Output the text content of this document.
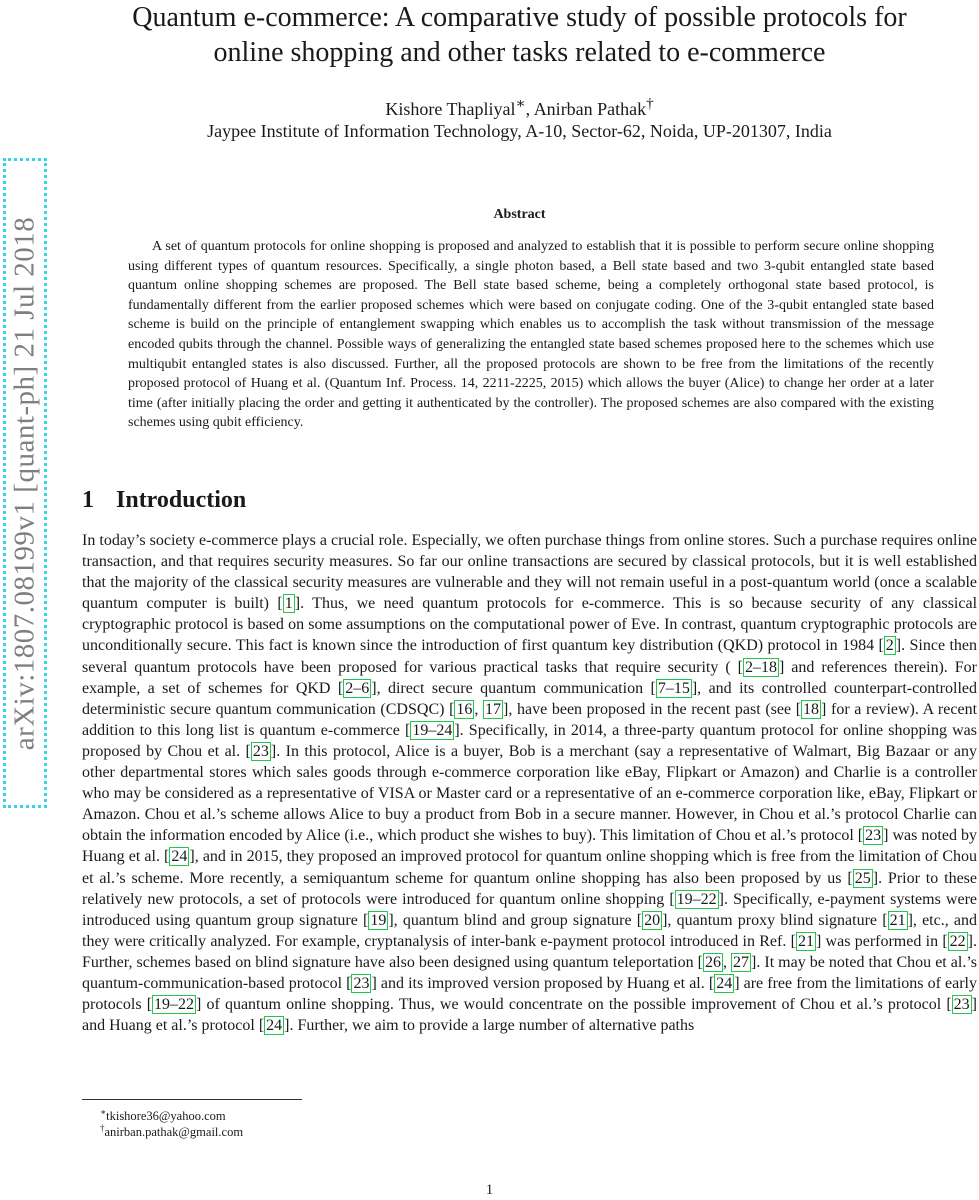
arXiv:1807.08199v1 [quant-ph] 21 Jul 2018
Quantum e-commerce: A comparative study of possible protocols for
online shopping and other tasks related to e-commerce
Kishore Thapliyal∗, Anirban Pathak†
Jaypee Institute of Information Technology, A-10, Sector-62, Noida, UP-201307, India
Abstract

A set of quantum protocols for online shopping is proposed and analyzed to establish that it is possible to perform secure online shopping using different types of quantum resources. Specifically, a single photon based, a Bell state based and two 3-qubit entangled state based quantum online shopping schemes are proposed. The Bell state based scheme, being a completely orthogonal state based protocol, is fundamentally different from the earlier proposed schemes which were based on conjugate coding. One of the 3-qubit entangled state based scheme is build on the principle of entanglement swapping which enables us to accomplish the task without transmission of the message encoded qubits through the channel. Possible ways of generalizing the entangled state based schemes proposed here to the schemes which use multiqubit entangled states is also discussed. Further, all the proposed protocols are shown to be free from the limitations of the recently proposed protocol of Huang et al. (Quantum Inf. Process. 14, 2211-2225, 2015) which allows the buyer (Alice) to change her order at a later time (after initially placing the order and getting it authenticated by the controller). The proposed schemes are also compared with the existing schemes using qubit efficiency.

1 Introduction

In today’s society e-commerce plays a crucial role. Especially, we often purchase things from online stores. Such a purchase requires online transaction, and that requires security measures. So far our online transactions are secured by classical protocols, but it is well established that the majority of the classical security measures are vulnerable and they will not remain useful in a post-quantum world (once a scalable quantum computer is built) [ 1 ]. Thus, we need quantum protocols for e-commerce. This is so because security of any classical cryptographic protocol is based on some assumptions on the computational power of Eve. In contrast, quantum cryptographic protocols are unconditionally secure. This fact is known since the introduction of first quantum key distribution (QKD) protocol in 1984 [ 2 ]. Since then several quantum protocols have been proposed for various practical tasks that require security ( [ 2–18 ] and references therein). For example, a set of schemes for QKD [ 2–6 ], direct secure quantum communication [ 7–15 ], and its controlled counterpart-controlled deterministic secure quantum communication (CDSQC) [ 16 , 17 ], have been proposed in the recent past (see [ 18 ] for a review). A recent addition to this long list is quantum e-commerce [ 19–24 ]. Specifically, in 2014, a three-party quantum protocol for online shopping was proposed by Chou et al. [ 23 ]. In this protocol, Alice is a buyer, Bob is a merchant (say a representative of Walmart, Big Bazaar or any other departmental stores which sales goods through e-commerce corporation like eBay, Flipkart or Amazon) and Charlie is a controller who may be considered as a representative of VISA or Master card or a representative of an e-commerce corporation like, eBay, Flipkart or Amazon. Chou et al.’s scheme allows Alice to buy a product from Bob in a secure manner. However, in Chou et al.’s protocol Charlie can obtain the information encoded by Alice (i.e., which product she wishes to buy). This limitation of Chou et al.’s protocol [ 23 ] was noted by Huang et al. [ 24 ], and in 2015, they proposed an improved protocol for quantum online shopping which is free from the limitation of Chou et al.’s scheme. More recently, a semiquantum scheme for quantum online shopping has also been proposed by us [ 25 ]. Prior to these relatively new protocols, a set of protocols were introduced for quantum online shopping [ 19–22 ]. Specifically, e-payment systems were introduced using quantum group signature [ 19 ], quantum blind and group signature [ 20 ], quantum proxy blind signature [ 21 ], etc., and they were critically analyzed. For example, cryptanalysis of inter-bank e-payment protocol introduced in Ref. [ 21 ] was performed in [ 22 ]. Further, schemes based on blind signature have also been designed using quantum teleportation [ 26 , 27 ]. It may be noted that Chou et al.’s quantum-communication-based protocol [ 23 ] and its improved version proposed by Huang et al. [ 24 ] are free from the limitations of early protocols [ 19–22 ] of quantum online shopping. Thus, we would concentrate on the possible improvement of Chou et al.’s protocol [ 23 ] and Huang et al.’s protocol [ 24 ]. Further, we aim to provide a large number of alternative paths

∗tkishore36@yahoo.com
†anirban.pathak@gmail.com
1
